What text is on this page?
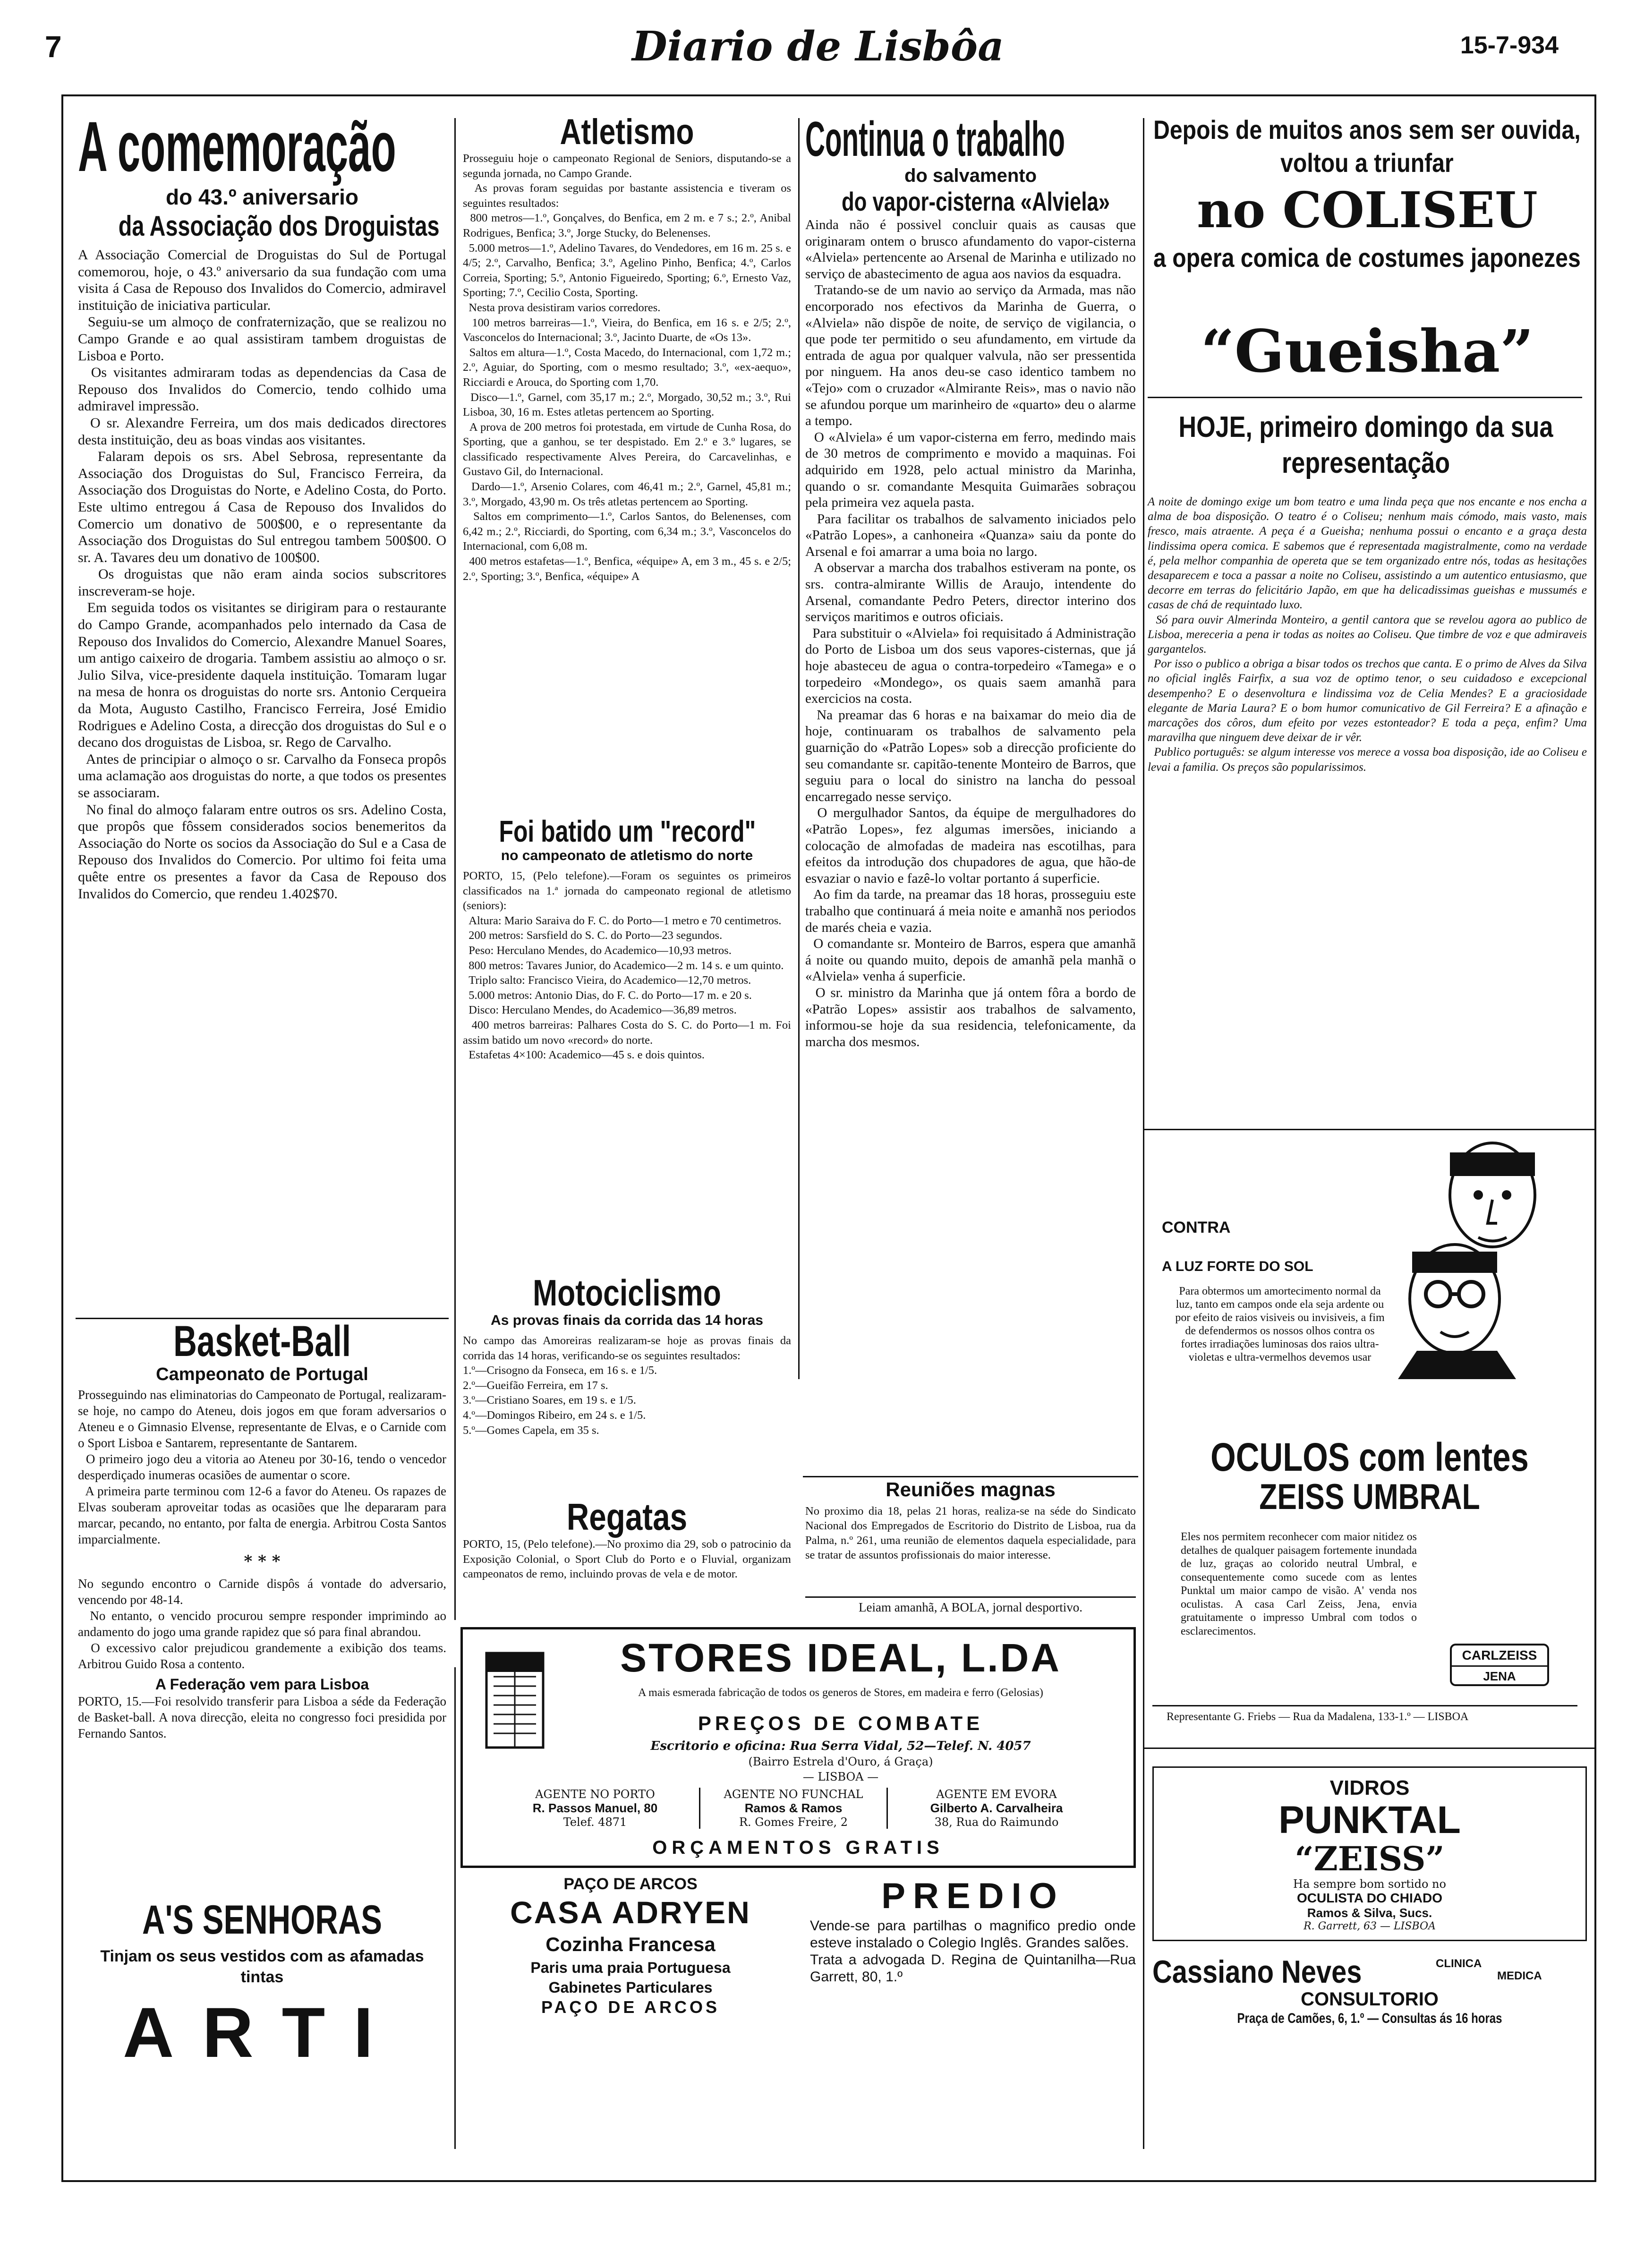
7	Diario de Lisbôa	15-7-934
A comemoração
do 43.º aniversario
da Associação dos Droguistas
A Associação Comercial de Droguistas do Sul de Portugal comemorou, hoje, o 43.º aniversario da sua fundação com uma visita á Casa de Repouso dos Invalidos do Comercio, admiravel instituição de iniciativa particular.
Seguiu-se um almoço de confraternização, que se realizou no Campo Grande e ao qual assistiram tambem droguistas de Lisboa e Porto.
Os visitantes admiraram todas as dependencias da Casa de Repouso dos Invalidos do Comercio, tendo colhido uma admiravel impressão.
O sr. Alexandre Ferreira, um dos mais dedicados directores desta instituição, deu as boas vindas aos visitantes.
Falaram depois os srs. Abel Sebrosa, representante da Associação dos Droguistas do Sul, Francisco Ferreira, da Associação dos Droguistas do Norte, e Adelino Costa, do Porto. Este ultimo entregou á Casa de Repouso dos Invalidos do Comercio um donativo de 500$00, e o representante da Associação dos Droguistas do Sul entregou tambem 500$00. O sr. A. Tavares deu um donativo de 100$00.
Os droguistas que não eram ainda socios subscritores inscreveram-se hoje.
Em seguida todos os visitantes se dirigiram para o restaurante do Campo Grande, acompanhados pelo internado da Casa de Repouso dos Invalidos do Comercio, Alexandre Manuel Soares, um antigo caixeiro de drogaria. Tambem assistiu ao almoço o sr. Julio Silva, vice-presidente daquela instituição. Tomaram lugar na mesa de honra os droguistas do norte srs. Antonio Cerqueira da Mota, Augusto Castilho, Francisco Ferreira, José Emidio Rodrigues e Adelino Costa, a direcção dos droguistas do Sul e o decano dos droguistas de Lisboa, sr. Rego de Carvalho.
Antes de principiar o almoço o sr. Carvalho da Fonseca propôs uma aclamação aos droguistas do norte, a que todos os presentes se associaram.
No final do almoço falaram entre outros os srs. Adelino Costa, que propôs que fôssem considerados socios benemeritos da Associação do Norte os socios da Associação do Sul e a Casa de Repouso dos Invalidos do Comercio. Por ultimo foi feita uma quête entre os presentes a favor da Casa de Repouso dos Invalidos do Comercio, que rendeu 1.402$70.
Basket-Ball
Campeonato de Portugal
Prosseguindo nas eliminatorias do Campeonato de Portugal, realizaram-se hoje, no campo do Ateneu, dois jogos em que foram adversarios o Ateneu e o Gimnasio Elvense, representante de Elvas, e o Carnide com o Sport Lisboa e Santarem, representante de Santarem.
O primeiro jogo deu a vitoria ao Ateneu por 30-16, tendo o vencedor desperdiçado inumeras ocasiões de aumentar o score.
A primeira parte terminou com 12-6 a favor do Ateneu. Os rapazes de Elvas souberam aproveitar todas as ocasiões que lhe depararam para marcar, pecando, no entanto, por falta de energia. Arbitrou Costa Santos imparcialmente.
* * *
No segundo encontro o Carnide dispôs á vontade do adversario, vencendo por 48-14.
No entanto, o vencido procurou sempre responder imprimindo ao andamento do jogo uma grande rapidez que só para final abrandou.
O excessivo calor prejudicou grandemente a exibição dos teams. Arbitrou Guido Rosa a contento.
A Federação vem para Lisboa
PORTO, 15.—Foi resolvido transferir para Lisboa a séde da Federação de Basket-ball. A nova direcção, eleita no congresso foci presidida por Fernando Santos.
Atletismo
Prosseguiu hoje o campeonato Regional de Seniors, disputando-se a segunda jornada, no Campo Grande.
As provas foram seguidas por bastante assistencia e tiveram os seguintes resultados:
800 metros—1.º, Gonçalves, do Benfica, em 2 m. e 7 s.; 2.º, Anibal Rodrigues, Benfica; 3.º, Jorge Stucky, do Belenenses.
5.000 metros—1.º, Adelino Tavares, do Vendedores, em 16 m. 25 s. e 4/5; 2.º, Carvalho, Benfica; 3.º, Agelino Pinho, Benfica; 4.º, Carlos Correia, Sporting; 5.º, Antonio Figueiredo, Sporting; 6.º, Ernesto Vaz, Sporting; 7.º, Cecilio Costa, Sporting.
Nesta prova desistiram varios corredores.
100 metros barreiras—1.º, Vieira, do Benfica, em 16 s. e 2/5; 2.º, Vasconcelos do Internacional; 3.º, Jacinto Duarte, de «Os 13».
Saltos em altura—1.º, Costa Macedo, do Internacional, com 1,72 m.; 2.º, Aguiar, do Sporting, com o mesmo resultado; 3.º, «ex-aequo», Ricciardi e Arouca, do Sporting com 1,70.
Disco—1.º, Garnel, com 35,17 m.; 2.º, Morgado, 30,52 m.; 3.º, Rui Lisboa, 30, 16 m. Estes atletas pertencem ao Sporting.
A prova de 200 metros foi protestada, em virtude de Cunha Rosa, do Sporting, que a ganhou, se ter despistado. Em 2.º e 3.º lugares, se classificado respectivamente Alves Pereira, do Carcavelinhas, e Gustavo Gil, do Internacional.
Dardo—1.º, Arsenio Colares, com 46,41 m.; 2.º, Garnel, 45,81 m.; 3.º, Morgado, 43,90 m. Os três atletas pertencem ao Sporting.
Saltos em comprimento—1.º, Carlos Santos, do Belenenses, com 6,42 m.; 2.º, Ricciardi, do Sporting, com 6,34 m.; 3.º, Vasconcelos do Internacional, com 6,08 m.
400 metros estafetas—1.º, Benfica, «équipe» A, em 3 m., 45 s. e 2/5; 2.º, Sporting; 3.º, Benfica, «équipe» A
Foi batido um "record"
no campeonato de atletismo do norte
PORTO, 15, (Pelo telefone).—Foram os seguintes os primeiros classificados na 1.ª jornada do campeonato regional de atletismo (seniors):
Altura: Mario Saraiva do F. C. do Porto—1 metro e 70 centimetros.
200 metros: Sarsfield do S. C. do Porto—23 segundos.
Peso: Herculano Mendes, do Academico—10,93 metros.
800 metros: Tavares Junior, do Academico—2 m. 14 s. e um quinto.
Triplo salto: Francisco Vieira, do Academico—12,70 metros.
5.000 metros: Antonio Dias, do F. C. do Porto—17 m. e 20 s.
Disco: Herculano Mendes, do Academico—36,89 metros.
400 metros barreiras: Palhares Costa do S. C. do Porto—1 m. Foi assim batido um novo «record» do norte.
Estafetas 4×100: Academico—45 s. e dois quintos.
Motociclismo
As provas finais da corrida das 14 horas
No campo das Amoreiras realizaram-se hoje as provas finais da corrida das 14 horas, verificando-se os seguintes resultados:
1.º—Crisogno da Fonseca, em 16 s. e 1/5.
2.º—Gueifão Ferreira, em 17 s.
3.º—Cristiano Soares, em 19 s. e 1/5.
4.º—Domingos Ribeiro, em 24 s. e 1/5.
5.º—Gomes Capela, em 35 s.
Regatas
PORTO, 15, (Pelo telefone).—No proximo dia 29, sob o patrocinio da Exposição Colonial, o Sport Club do Porto e o Fluvial, organizam campeonatos de remo, incluindo provas de vela e de motor.
Continua o trabalho
do salvamento
do vapor-cisterna «Alviela»
Ainda não é possivel concluir quais as causas que originaram ontem o brusco afundamento do vapor-cisterna «Alviela» pertencente ao Arsenal de Marinha e utilizado no serviço de abastecimento de agua aos navios da esquadra.
Tratando-se de um navio ao serviço da Armada, mas não encorporado nos efectivos da Marinha de Guerra, o «Alviela» não dispõe de noite, de serviço de vigilancia, o que pode ter permitido o seu afundamento, em virtude da entrada de agua por qualquer valvula, não ser pressentida por ninguem. Ha anos deu-se caso identico tambem no «Tejo» com o cruzador «Almirante Reis», mas o navio não se afundou porque um marinheiro de «quarto» deu o alarme a tempo.
O «Alviela» é um vapor-cisterna em ferro, medindo mais de 30 metros de comprimento e movido a maquinas. Foi adquirido em 1928, pelo actual ministro da Marinha, quando o sr. comandante Mesquita Guimarães sobraçou pela primeira vez aquela pasta.
Para facilitar os trabalhos de salvamento iniciados pelo «Patrão Lopes», a canhoneira «Quanza» saiu da ponte do Arsenal e foi amarrar a uma boia no largo.
A observar a marcha dos trabalhos estiveram na ponte, os srs. contra-almirante Willis de Araujo, intendente do Arsenal, comandante Pedro Peters, director interino dos serviços maritimos e outros oficiais.
Para substituir o «Alviela» foi requisitado á Administração do Porto de Lisboa um dos seus vapores-cisternas, que já hoje abasteceu de agua o contra-torpedeiro «Tamega» e o torpedeiro «Mondego», os quais saem amanhã para exercicios na costa.
Na preamar das 6 horas e na baixamar do meio dia de hoje, continuaram os trabalhos de salvamento pela guarnição do «Patrão Lopes» sob a direcção proficiente do seu comandante sr. capitão-tenente Monteiro de Barros, que seguiu para o local do sinistro na lancha do pessoal encarregado nesse serviço.
O mergulhador Santos, da équipe de mergulhadores do «Patrão Lopes», fez algumas imersões, iniciando a colocação de almofadas de madeira nas escotilhas, para efeitos da introdução dos chupadores de agua, que hão-de esvaziar o navio e fazê-lo voltar portanto á superficie.
Ao fim da tarde, na preamar das 18 horas, prosseguiu este trabalho que continuará á meia noite e amanhã nos periodos de marés cheia e vazia.
O comandante sr. Monteiro de Barros, espera que amanhã á noite ou quando muito, depois de amanhã pela manhã o «Alviela» venha á superficie.
O sr. ministro da Marinha que já ontem fôra a bordo de «Patrão Lopes» assistir aos trabalhos de salvamento, informou-se hoje da sua residencia, telefonicamente, da marcha dos mesmos.
Reuniões magnas
No proximo dia 18, pelas 21 horas, realiza-se na séde do Sindicato Nacional dos Empregados de Escritorio do Distrito de Lisboa, rua da Palma, n.º 261, uma reunião de elementos daquela especialidade, para se tratar de assuntos profissionais do maior interesse.
Leiam amanhã, A BOLA, jornal desportivo.
Depois de muitos anos sem ser ouvida, voltou a triunfar
no COLISEU
a opera comica de costumes japonezes
“Gueisha”
HOJE, primeiro domingo da sua representação
A noite de domingo exige um bom teatro e uma linda peça que nos encante e nos encha a alma de boa disposição. O teatro é o Coliseu; nenhum mais cómodo, mais vasto, mais fresco, mais atraente. A peça é a Gueisha; nenhuma possui o encanto e a graça desta lindissima opera comica. E sabemos que é representada magistralmente, como na verdade é, pela melhor companhia de opereta que se tem organizado entre nós, todas as hesitações desaparecem e toca a passar a noite no Coliseu, assistindo a um autentico entusiasmo, que decorre em terras do felicitário Japão, em que ha delicadissimas gueishas e mussumés e casas de chá de requintado luxo.
Só para ouvir Almerinda Monteiro, a gentil cantora que se revelou agora ao publico de Lisboa, mereceria a pena ir todas as noites ao Coliseu. Que timbre de voz e que admiraveis gargantelos.
Por isso o publico a obriga a bisar todos os trechos que canta. E o primo de Alves da Silva no oficial inglês Fairfix, a sua voz de optimo tenor, o seu cuidadoso e excepcional desempenho? E o desenvoltura e lindissima voz de Celia Mendes? E a graciosidade elegante de Maria Laura? E o bom humor comunicativo de Gil Ferreira? E a afinação e marcações dos côros, dum efeito por vezes estonteador? E toda a peça, enfim? Uma maravilha que ninguem deve deixar de ir vêr.
Publico português: se algum interesse vos merece a vossa boa disposição, ide ao Coliseu e levai a familia. Os preços são popularissimos.
CONTRA
A LUZ FORTE DO SOL
Para obtermos um amortecimento normal da luz, tanto em campos onde ela seja ardente ou por efeito de raios visiveis ou invisiveis, a fim de defendermos os nossos olhos contra os fortes irradiações luminosas dos raios ultra-violetas e ultra-vermelhos devemos usar
OCULOS com lentes
ZEISS UMBRAL
Eles nos permitem reconhecer com maior nitidez os detalhes de qualquer paisagem fortemente inundada de luz, graças ao colorido neutral Umbral, e consequentemente como sucede com as lentes Punktal um maior campo de visão. A' venda nos oculistas. A casa Carl Zeiss, Jena, envia gratuitamente o impresso Umbral com todos o esclarecimentos.
CARLZEISS
JENA
Representante G. Friebs — Rua da Madalena, 133-1.º — LISBOA
VIDROS
PUNKTAL
“ZEISS”
Ha sempre bom sortido no
OCULISTA DO CHIADO
Ramos & Silva, Sucs.
R. Garrett, 63 — LISBOA
Cassiano Neves	CLINICA
MEDICA
CONSULTORIO
Praça de Camões, 6, 1.º — Consultas ás 16 horas
STORES IDEAL, L.DA
A mais esmerada fabricação de todos os generos de Stores, em madeira e ferro (Gelosias)
PREÇOS DE COMBATE
Escritorio e oficina: Rua Serra Vidal, 52—Telef. N. 4057
(Bairro Estrela d'Ouro, á Graça)
— LISBOA —
AGENTE NO PORTO
R. Passos Manuel, 80
Telef. 4871
AGENTE NO FUNCHAL
Ramos & Ramos
R. Gomes Freire, 2
AGENTE EM EVORA
Gilberto A. Carvalheira
38, Rua do Raimundo
ORÇAMENTOS GRATIS
A'S SENHORAS
Tinjam os seus vestidos com as afamadas tintas
ARTI
PAÇO DE ARCOS
CASA ADRYEN
Cozinha Francesa
Paris uma praia Portuguesa
Gabinetes Particulares
PAÇO DE ARCOS
PREDIO
Vende-se para partilhas o magnifico predio onde esteve instalado o Colegio Inglês. Grandes salões.
Trata a advogada D. Regina de Quintanilha—Rua Garrett, 80, 1.º
